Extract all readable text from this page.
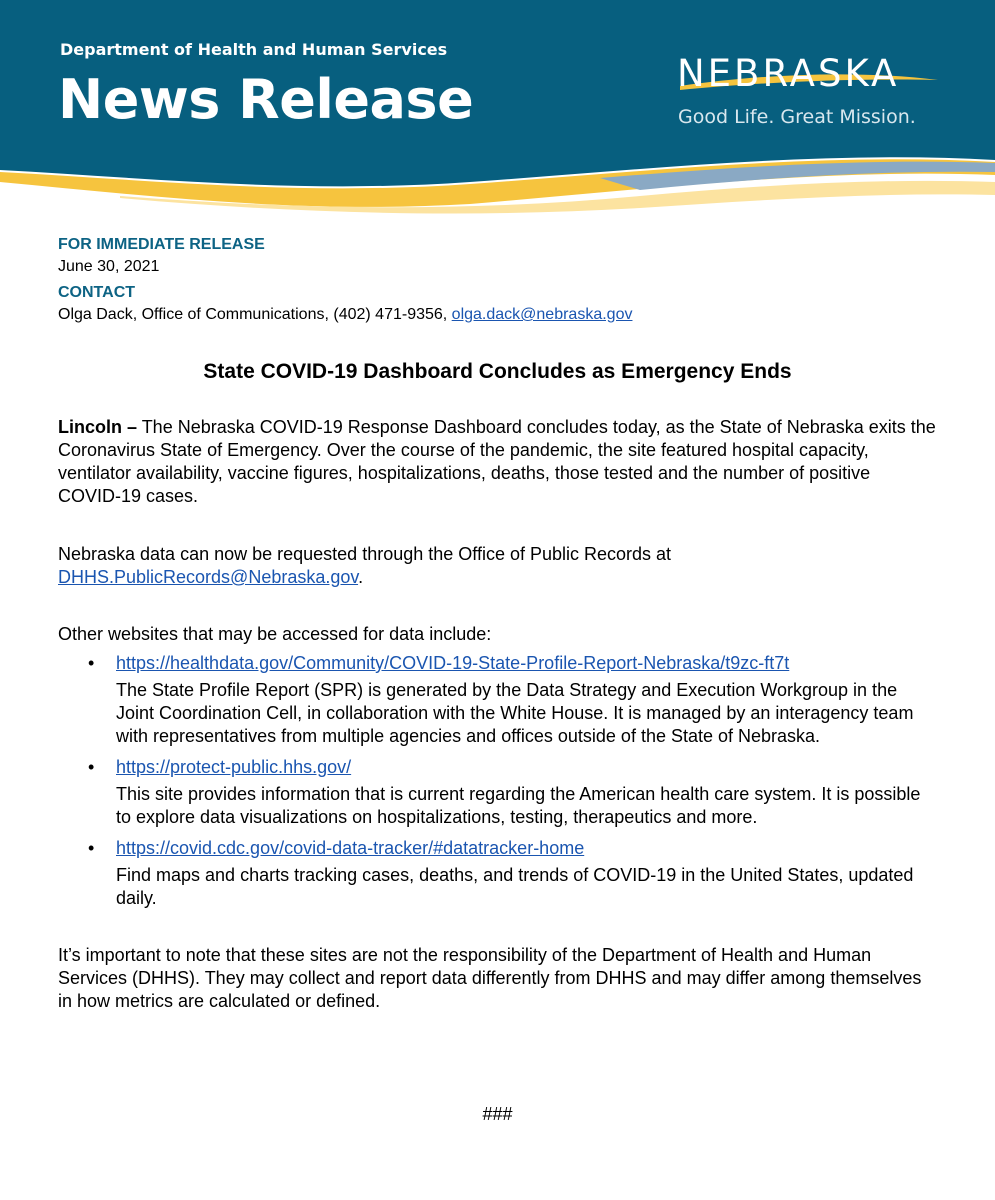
Department of Health and Human Services
News Release	NEBRASKA
Good Life. Great Mission.
FOR IMMEDIATE RELEASE
June 30, 2021
CONTACT
Olga Dack, Office of Communications, (402) 471-9356, olga.dack@nebraska.gov
State COVID-19 Dashboard Concludes as Emergency Ends

Lincoln – The Nebraska COVID-19 Response Dashboard concludes today, as the State of Nebraska exits the Coronavirus State of Emergency. Over the course of the pandemic, the site featured hospital capacity, ventilator availability, vaccine figures, hospitalizations, deaths, those tested and the number of positive COVID-19 cases.

Nebraska data can now be requested through the Office of Public Records at DHHS.PublicRecords@Nebraska.gov.

Other websites that may be accessed for data include:

• https://healthdata.gov/Community/COVID-19-State-Profile-Report-Nebraska/t9zc-ft7t
The State Profile Report (SPR) is generated by the Data Strategy and Execution Workgroup in the Joint Coordination Cell, in collaboration with the White House. It is managed by an interagency team with representatives from multiple agencies and offices outside of the State of Nebraska.
• https://protect-public.hhs.gov/
This site provides information that is current regarding the American health care system. It is possible to explore data visualizations on hospitalizations, testing, therapeutics and more.
• https://covid.cdc.gov/covid-data-tracker/#datatracker-home
Find maps and charts tracking cases, deaths, and trends of COVID-19 in the United States, updated daily.

It’s important to note that these sites are not the responsibility of the Department of Health and Human Services (DHHS). They may collect and report data differently from DHHS and may differ among themselves in how metrics are calculated or defined.

###
